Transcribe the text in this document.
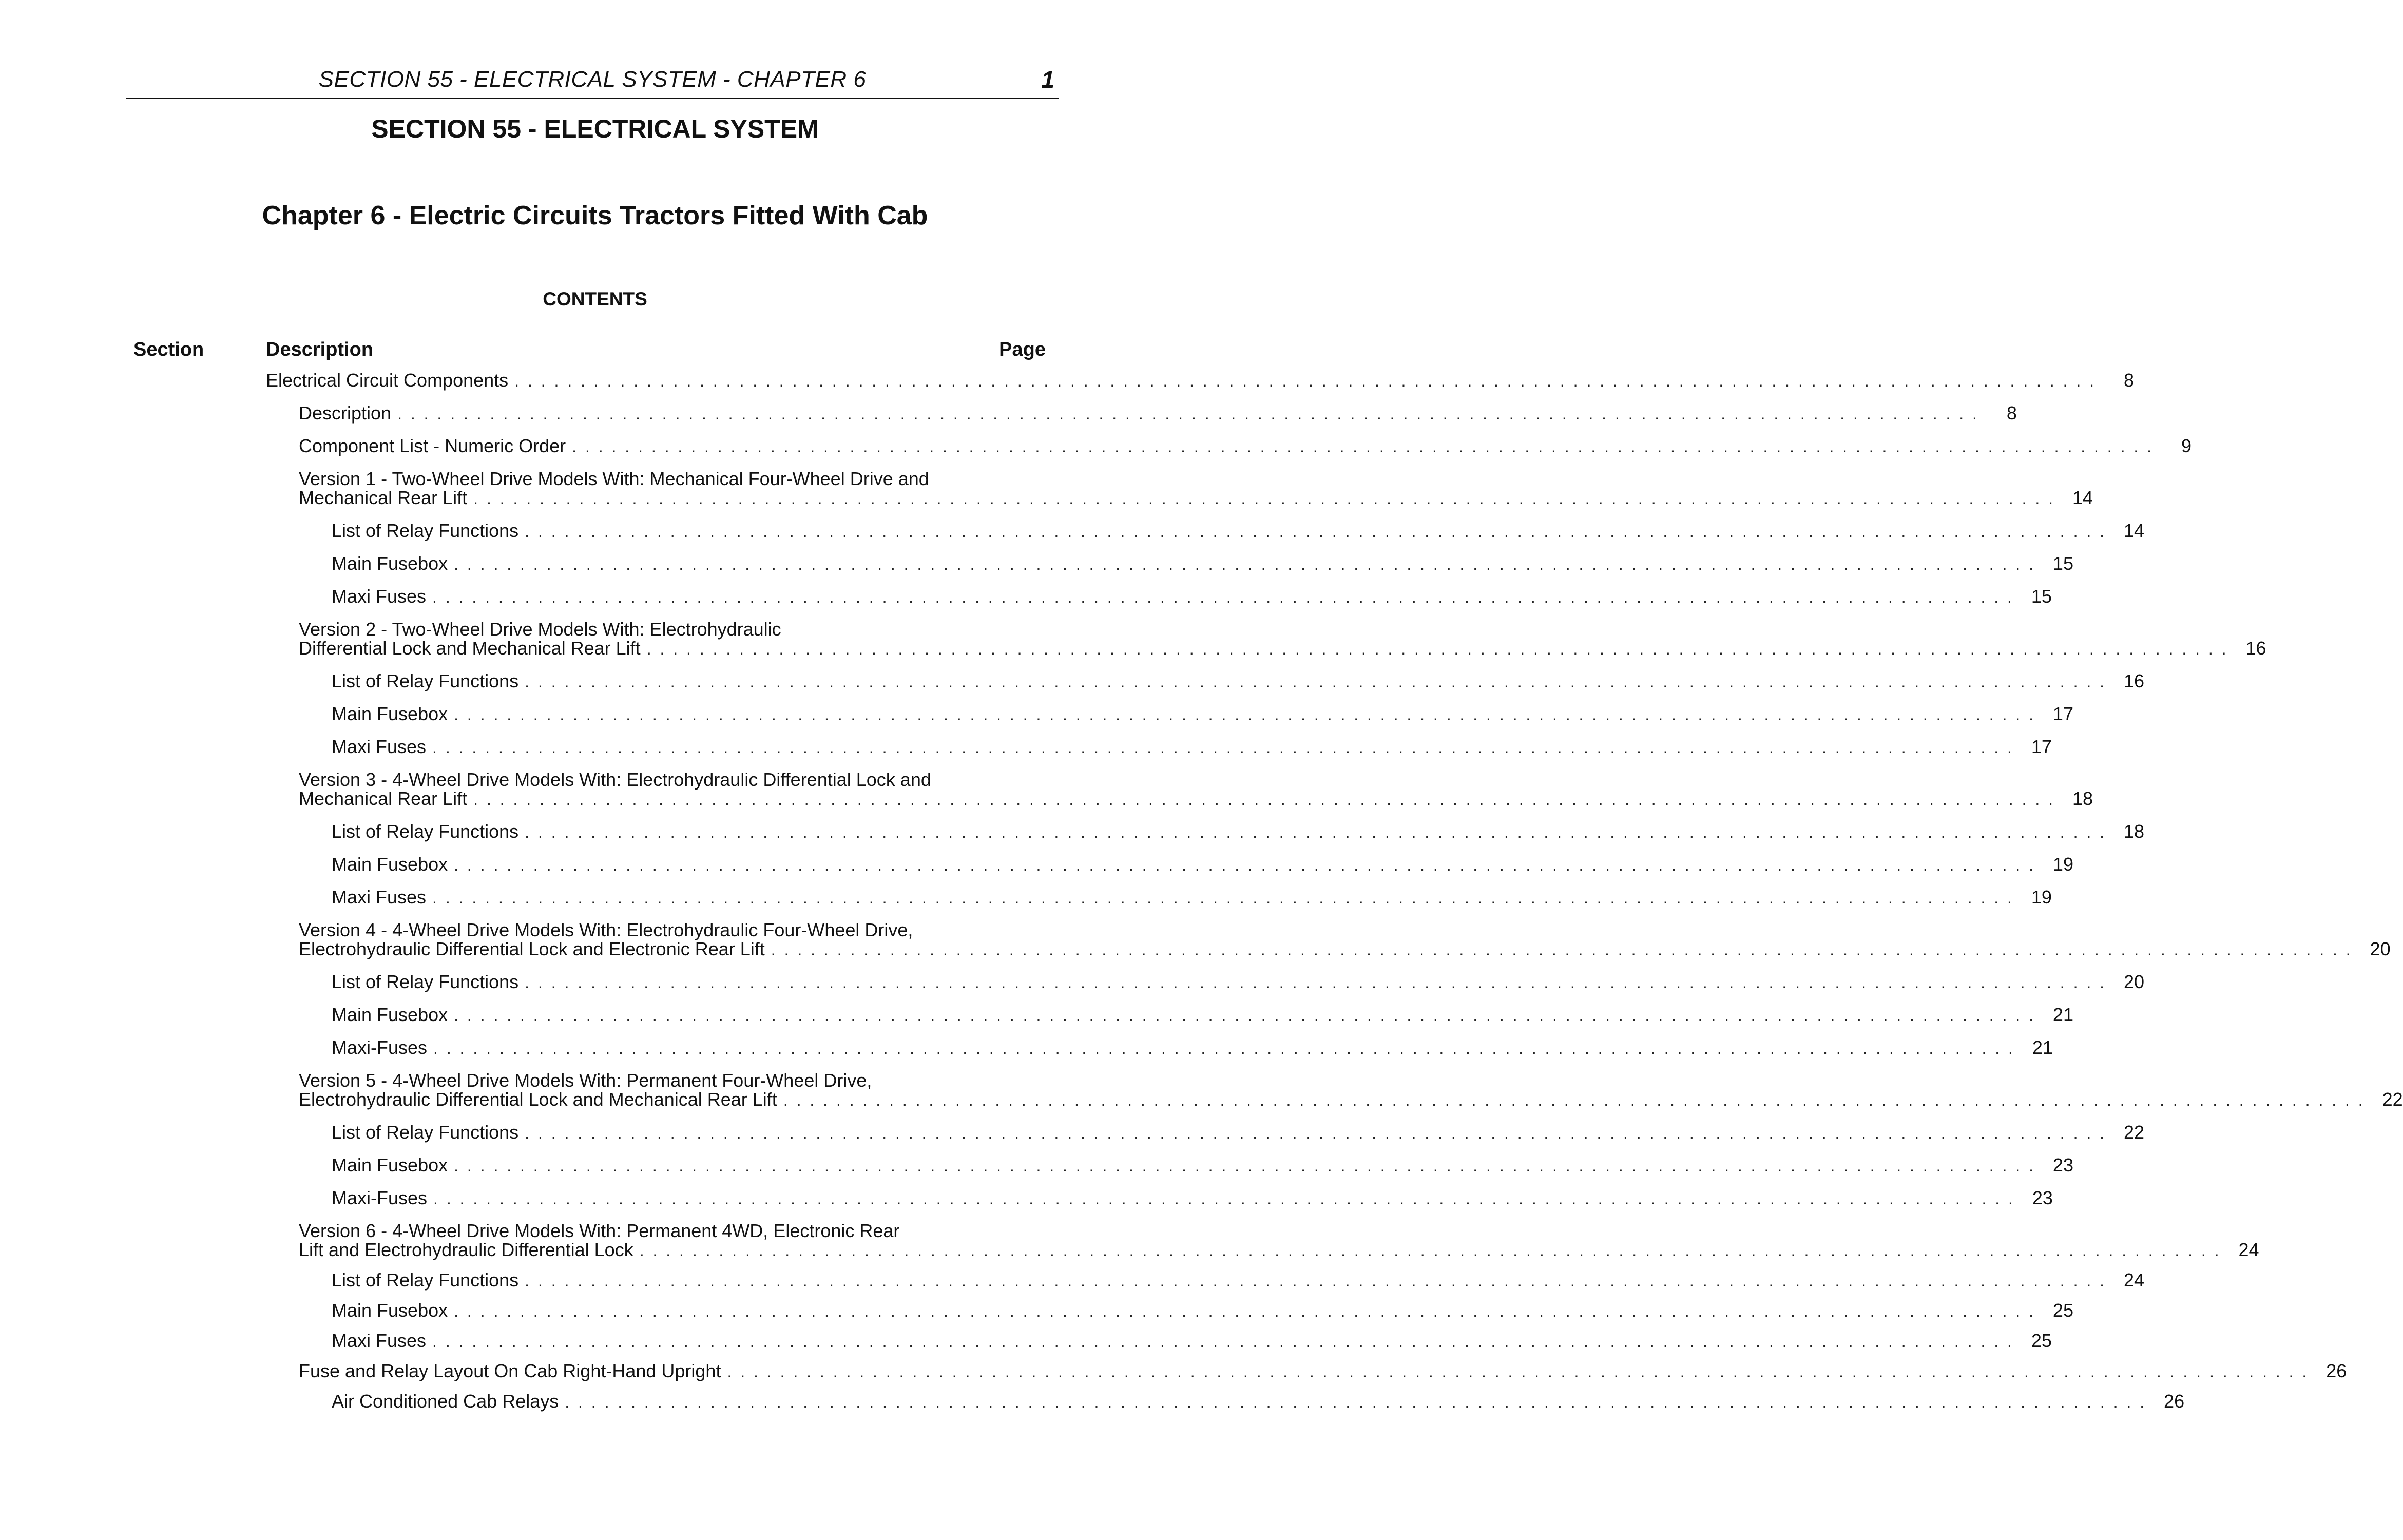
SECTION 55 - ELECTRICAL SYSTEM - CHAPTER 6	1
SECTION 55 - ELECTRICAL SYSTEM
Chapter 6 - Electric Circuits Tractors Fitted With Cab
CONTENTS
Section	Description	Page
Electrical Circuit Components . . . . . . . . . . . . . . . . . . . . . . . . . . . . . . . . . . . . . . . . . . . . . . . . . . . . . . . . . . . . . . . . . . . . . . . . . . . . . . . . . . . . . . . . . . . . . . . . . . . . . . . . . . . . . . . . . . . . . . . .	8
Description . . . . . . . . . . . . . . . . . . . . . . . . . . . . . . . . . . . . . . . . . . . . . . . . . . . . . . . . . . . . . . . . . . . . . . . . . . . . . . . . . . . . . . . . . . . . . . . . . . . . . . . . . . . . . . . . . . . . . . . .	8
Component List - Numeric Order . . . . . . . . . . . . . . . . . . . . . . . . . . . . . . . . . . . . . . . . . . . . . . . . . . . . . . . . . . . . . . . . . . . . . . . . . . . . . . . . . . . . . . . . . . . . . . . . . . . . . . . . . . . . . . . . . . . . . . . .	9
Version 1 - Two-Wheel Drive Models With: Mechanical Four-Wheel Drive and
Mechanical Rear Lift . . . . . . . . . . . . . . . . . . . . . . . . . . . . . . . . . . . . . . . . . . . . . . . . . . . . . . . . . . . . . . . . . . . . . . . . . . . . . . . . . . . . . . . . . . . . . . . . . . . . . . . . . . . . . . . . . . . . . . . . 14
List of Relay Functions . . . . . . . . . . . . . . . . . . . . . . . . . . . . . . . . . . . . . . . . . . . . . . . . . . . . . . . . . . . . . . . . . . . . . . . . . . . . . . . . . . . . . . . . . . . . . . . . . . . . . . . . . . . . . . . . . . . . . . . . 14
Main Fusebox . . . . . . . . . . . . . . . . . . . . . . . . . . . . . . . . . . . . . . . . . . . . . . . . . . . . . . . . . . . . . . . . . . . . . . . . . . . . . . . . . . . . . . . . . . . . . . . . . . . . . . . . . . . . . . . . . . . . . . . . 15
Maxi Fuses . . . . . . . . . . . . . . . . . . . . . . . . . . . . . . . . . . . . . . . . . . . . . . . . . . . . . . . . . . . . . . . . . . . . . . . . . . . . . . . . . . . . . . . . . . . . . . . . . . . . . . . . . . . . . . . . . . . . . . . . 15
Version 2 - Two-Wheel Drive Models With: Electrohydraulic
Differential Lock and Mechanical Rear Lift . . . . . . . . . . . . . . . . . . . . . . . . . . . . . . . . . . . . . . . . . . . . . . . . . . . . . . . . . . . . . . . . . . . . . . . . . . . . . . . . . . . . . . . . . . . . . . . . . . . . . . . . . . . . . . . . . . . . . . . . 16
List of Relay Functions . . . . . . . . . . . . . . . . . . . . . . . . . . . . . . . . . . . . . . . . . . . . . . . . . . . . . . . . . . . . . . . . . . . . . . . . . . . . . . . . . . . . . . . . . . . . . . . . . . . . . . . . . . . . . . . . . . . . . . . . 16
Main Fusebox . . . . . . . . . . . . . . . . . . . . . . . . . . . . . . . . . . . . . . . . . . . . . . . . . . . . . . . . . . . . . . . . . . . . . . . . . . . . . . . . . . . . . . . . . . . . . . . . . . . . . . . . . . . . . . . . . . . . . . . . 17
Maxi Fuses . . . . . . . . . . . . . . . . . . . . . . . . . . . . . . . . . . . . . . . . . . . . . . . . . . . . . . . . . . . . . . . . . . . . . . . . . . . . . . . . . . . . . . . . . . . . . . . . . . . . . . . . . . . . . . . . . . . . . . . . 17
Version 3 - 4-Wheel Drive Models With: Electrohydraulic Differential Lock and
Mechanical Rear Lift . . . . . . . . . . . . . . . . . . . . . . . . . . . . . . . . . . . . . . . . . . . . . . . . . . . . . . . . . . . . . . . . . . . . . . . . . . . . . . . . . . . . . . . . . . . . . . . . . . . . . . . . . . . . . . . . . . . . . . . . 18
List of Relay Functions . . . . . . . . . . . . . . . . . . . . . . . . . . . . . . . . . . . . . . . . . . . . . . . . . . . . . . . . . . . . . . . . . . . . . . . . . . . . . . . . . . . . . . . . . . . . . . . . . . . . . . . . . . . . . . . . . . . . . . . . 18
Main Fusebox . . . . . . . . . . . . . . . . . . . . . . . . . . . . . . . . . . . . . . . . . . . . . . . . . . . . . . . . . . . . . . . . . . . . . . . . . . . . . . . . . . . . . . . . . . . . . . . . . . . . . . . . . . . . . . . . . . . . . . . . 19
Maxi Fuses . . . . . . . . . . . . . . . . . . . . . . . . . . . . . . . . . . . . . . . . . . . . . . . . . . . . . . . . . . . . . . . . . . . . . . . . . . . . . . . . . . . . . . . . . . . . . . . . . . . . . . . . . . . . . . . . . . . . . . . . 19
Version 4 - 4-Wheel Drive Models With: Electrohydraulic Four-Wheel Drive,
Electrohydraulic Differential Lock and Electronic Rear Lift . . . . . . . . . . . . . . . . . . . . . . . . . . . . . . . . . . . . . . . . . . . . . . . . . . . . . . . . . . . . . . . . . . . . . . . . . . . . . . . . . . . . . . . . . . . . . . . . . . . . . . . . . . . . . . . . . . . . . . . . 20
List of Relay Functions . . . . . . . . . . . . . . . . . . . . . . . . . . . . . . . . . . . . . . . . . . . . . . . . . . . . . . . . . . . . . . . . . . . . . . . . . . . . . . . . . . . . . . . . . . . . . . . . . . . . . . . . . . . . . . . . . . . . . . . . 20
Main Fusebox . . . . . . . . . . . . . . . . . . . . . . . . . . . . . . . . . . . . . . . . . . . . . . . . . . . . . . . . . . . . . . . . . . . . . . . . . . . . . . . . . . . . . . . . . . . . . . . . . . . . . . . . . . . . . . . . . . . . . . . . 21
Maxi-Fuses . . . . . . . . . . . . . . . . . . . . . . . . . . . . . . . . . . . . . . . . . . . . . . . . . . . . . . . . . . . . . . . . . . . . . . . . . . . . . . . . . . . . . . . . . . . . . . . . . . . . . . . . . . . . . . . . . . . . . . . . 21
Version 5 - 4-Wheel Drive Models With: Permanent Four-Wheel Drive,
Electrohydraulic Differential Lock and Mechanical Rear Lift . . . . . . . . . . . . . . . . . . . . . . . . . . . . . . . . . . . . . . . . . . . . . . . . . . . . . . . . . . . . . . . . . . . . . . . . . . . . . . . . . . . . . . . . . . . . . . . . . . . . . . . . . . . . . . . . . . . . . . . . 22
List of Relay Functions . . . . . . . . . . . . . . . . . . . . . . . . . . . . . . . . . . . . . . . . . . . . . . . . . . . . . . . . . . . . . . . . . . . . . . . . . . . . . . . . . . . . . . . . . . . . . . . . . . . . . . . . . . . . . . . . . . . . . . . . 22
Main Fusebox . . . . . . . . . . . . . . . . . . . . . . . . . . . . . . . . . . . . . . . . . . . . . . . . . . . . . . . . . . . . . . . . . . . . . . . . . . . . . . . . . . . . . . . . . . . . . . . . . . . . . . . . . . . . . . . . . . . . . . . . 23
Maxi-Fuses . . . . . . . . . . . . . . . . . . . . . . . . . . . . . . . . . . . . . . . . . . . . . . . . . . . . . . . . . . . . . . . . . . . . . . . . . . . . . . . . . . . . . . . . . . . . . . . . . . . . . . . . . . . . . . . . . . . . . . . . 23
Version 6 - 4-Wheel Drive Models With: Permanent 4WD, Electronic Rear
Lift and Electrohydraulic Differential Lock . . . . . . . . . . . . . . . . . . . . . . . . . . . . . . . . . . . . . . . . . . . . . . . . . . . . . . . . . . . . . . . . . . . . . . . . . . . . . . . . . . . . . . . . . . . . . . . . . . . . . . . . . . . . . . . . . . . . . . . . 24
List of Relay Functions . . . . . . . . . . . . . . . . . . . . . . . . . . . . . . . . . . . . . . . . . . . . . . . . . . . . . . . . . . . . . . . . . . . . . . . . . . . . . . . . . . . . . . . . . . . . . . . . . . . . . . . . . . . . . . . . . . . . . . . . 24
Main Fusebox . . . . . . . . . . . . . . . . . . . . . . . . . . . . . . . . . . . . . . . . . . . . . . . . . . . . . . . . . . . . . . . . . . . . . . . . . . . . . . . . . . . . . . . . . . . . . . . . . . . . . . . . . . . . . . . . . . . . . . . . 25
Maxi Fuses . . . . . . . . . . . . . . . . . . . . . . . . . . . . . . . . . . . . . . . . . . . . . . . . . . . . . . . . . . . . . . . . . . . . . . . . . . . . . . . . . . . . . . . . . . . . . . . . . . . . . . . . . . . . . . . . . . . . . . . . 25
Fuse and Relay Layout On Cab Right-Hand Upright . . . . . . . . . . . . . . . . . . . . . . . . . . . . . . . . . . . . . . . . . . . . . . . . . . . . . . . . . . . . . . . . . . . . . . . . . . . . . . . . . . . . . . . . . . . . . . . . . . . . . . . . . . . . . . . . . . . . . . . . 26
Air Conditioned Cab Relays . . . . . . . . . . . . . . . . . . . . . . . . . . . . . . . . . . . . . . . . . . . . . . . . . . . . . . . . . . . . . . . . . . . . . . . . . . . . . . . . . . . . . . . . . . . . . . . . . . . . . . . . . . . . . . . . . . . . . . . . 26
